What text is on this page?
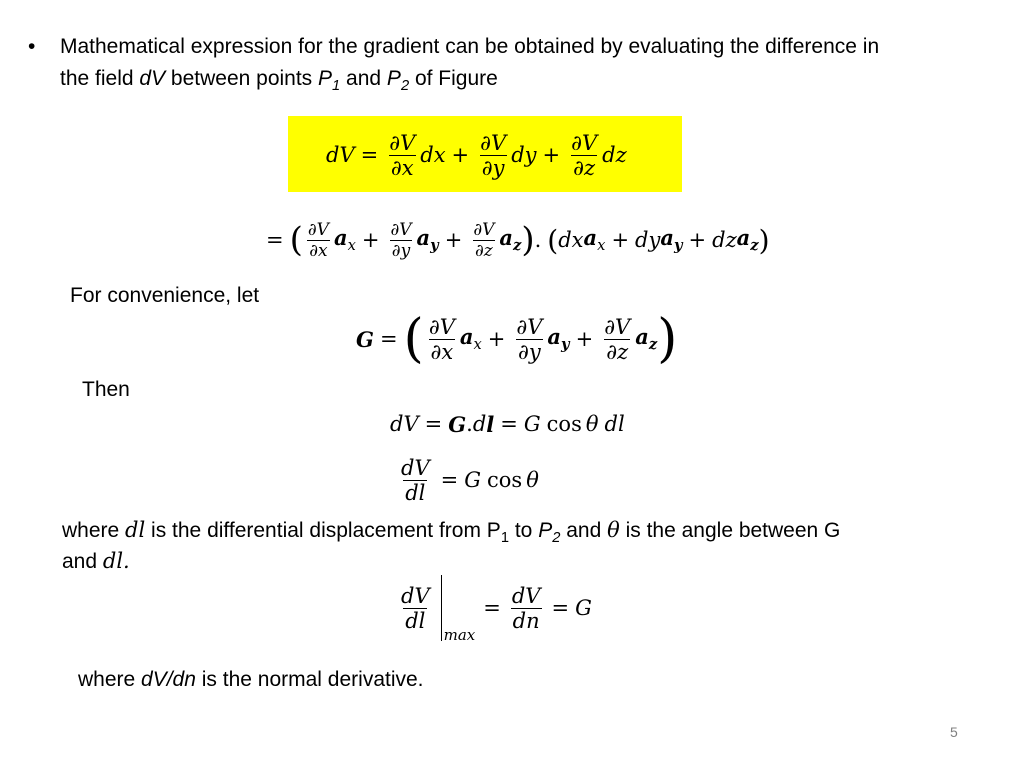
• Mathematical expression for the gradient can be obtained by evaluating the difference in
the field dV between points $P_1$ and $P_2$ of Figure
dV = $\frac{\partial V}{\partial x}$ dx + $\frac{\partial V}{\partial y}$ dy + $\frac{\partial V}{\partial z}$ dz
= ( $\frac{\partial V}{\partial x} a_x + \frac{\partial V}{\partial y} a_y + \frac{\partial V}{\partial z} a_z$ ) . ( dx $a_x$ + dy $a_y$ + dz $a_z$ )
For convenience, let
G = ( $\frac{\partial V}{\partial x} a_x + \frac{\partial V}{\partial y} a_y + \frac{\partial V}{\partial z} a_z$ )
Then
dV = G . d l = G cos θ dl
$\frac{dV}{dl} = G$ cos θ
where dl is the differential displacement from $P_1$ to $P_2$ and θ is the angle between G
and dl.
$\frac{dV}{dl}$
max
= $\frac{dV}{dn} = G$
where dV/dn is the normal derivative.
5
